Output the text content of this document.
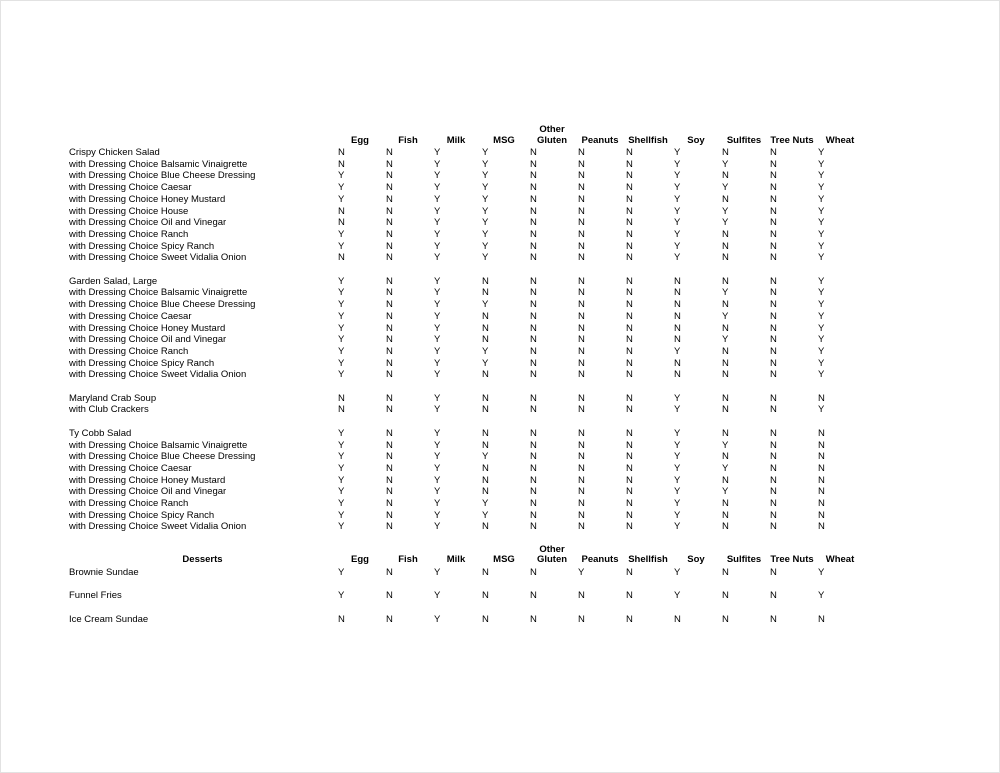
	Egg	Fish	Milk	MSG	Other Gluten	Peanuts	Shellfish	Soy	Sulfites	Tree Nuts	Wheat
Crispy Chicken Salad	N	N	Y	Y	N	N	N	Y	N	N	Y
with Dressing Choice Balsamic Vinaigrette	N	N	Y	Y	N	N	N	Y	Y	N	Y
with Dressing Choice Blue Cheese Dressing	Y	N	Y	Y	N	N	N	Y	N	N	Y
with Dressing Choice Caesar	Y	N	Y	Y	N	N	N	Y	Y	N	Y
with Dressing Choice Honey Mustard	Y	N	Y	Y	N	N	N	Y	N	N	Y
with Dressing Choice House	N	N	Y	Y	N	N	N	Y	Y	N	Y
with Dressing Choice Oil and Vinegar	N	N	Y	Y	N	N	N	Y	Y	N	Y
with Dressing Choice Ranch	Y	N	Y	Y	N	N	N	Y	N	N	Y
with Dressing Choice Spicy Ranch	Y	N	Y	Y	N	N	N	Y	N	N	Y
with Dressing Choice Sweet Vidalia Onion	N	N	Y	Y	N	N	N	Y	N	N	Y

Garden Salad, Large	Y	N	Y	N	N	N	N	N	N	N	Y
with Dressing Choice Balsamic Vinaigrette	Y	N	Y	N	N	N	N	N	Y	N	Y
with Dressing Choice Blue Cheese Dressing	Y	N	Y	Y	N	N	N	N	N	N	Y
with Dressing Choice Caesar	Y	N	Y	N	N	N	N	N	Y	N	Y
with Dressing Choice Honey Mustard	Y	N	Y	N	N	N	N	N	N	N	Y
with Dressing Choice Oil and Vinegar	Y	N	Y	N	N	N	N	N	Y	N	Y
with Dressing Choice Ranch	Y	N	Y	Y	N	N	N	Y	N	N	Y
with Dressing Choice Spicy Ranch	Y	N	Y	Y	N	N	N	N	N	N	Y
with Dressing Choice Sweet Vidalia Onion	Y	N	Y	N	N	N	N	N	N	N	Y

Maryland Crab Soup	N	N	Y	N	N	N	N	Y	N	N	N
with Club Crackers	N	N	Y	N	N	N	N	Y	N	N	Y

Ty Cobb Salad	Y	N	Y	N	N	N	N	Y	N	N	N
with Dressing Choice Balsamic Vinaigrette	Y	N	Y	N	N	N	N	Y	Y	N	N
with Dressing Choice Blue Cheese Dressing	Y	N	Y	Y	N	N	N	Y	N	N	N
with Dressing Choice Caesar	Y	N	Y	N	N	N	N	Y	Y	N	N
with Dressing Choice Honey Mustard	Y	N	Y	N	N	N	N	Y	N	N	N
with Dressing Choice Oil and Vinegar	Y	N	Y	N	N	N	N	Y	Y	N	N
with Dressing Choice Ranch	Y	N	Y	Y	N	N	N	Y	N	N	N
with Dressing Choice Spicy Ranch	Y	N	Y	Y	N	N	N	Y	N	N	N
with Dressing Choice Sweet Vidalia Onion	Y	N	Y	N	N	N	N	Y	N	N	N

Desserts	Egg	Fish	Milk	MSG	Other Gluten	Peanuts	Shellfish	Soy	Sulfites	Tree Nuts	Wheat
Brownie Sundae	Y	N	Y	N	N	Y	N	Y	N	N	Y

Funnel Fries	Y	N	Y	N	N	N	N	Y	N	N	Y

Ice Cream Sundae	N	N	Y	N	N	N	N	N	N	N	N
